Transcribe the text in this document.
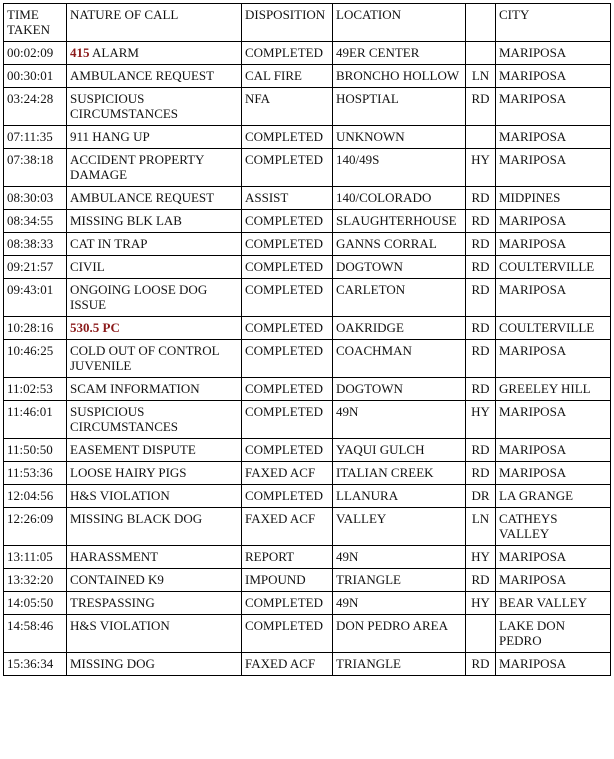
TIME TAKEN	NATURE OF CALL	DISPOSITION	LOCATION		CITY
00:02:09	415 ALARM	COMPLETED	49ER CENTER		MARIPOSA
00:30:01	AMBULANCE REQUEST	CAL FIRE	BRONCHO HOLLOW	LN	MARIPOSA
03:24:28	SUSPICIOUS CIRCUMSTANCES	NFA	HOSPTIAL	RD	MARIPOSA
07:11:35	911 HANG UP	COMPLETED	UNKNOWN		MARIPOSA
07:38:18	ACCIDENT PROPERTY DAMAGE	COMPLETED	140/49S	HY	MARIPOSA
08:30:03	AMBULANCE REQUEST	ASSIST	140/COLORADO	RD	MIDPINES
08:34:55	MISSING BLK LAB	COMPLETED	SLAUGHTERHOUSE	RD	MARIPOSA
08:38:33	CAT IN TRAP	COMPLETED	GANNS CORRAL	RD	MARIPOSA
09:21:57	CIVIL	COMPLETED	DOGTOWN	RD	COULTERVILLE
09:43:01	ONGOING LOOSE DOG ISSUE	COMPLETED	CARLETON	RD	MARIPOSA
10:28:16	530.5 PC	COMPLETED	OAKRIDGE	RD	COULTERVILLE
10:46:25	COLD OUT OF CONTROL JUVENILE	COMPLETED	COACHMAN	RD	MARIPOSA
11:02:53	SCAM INFORMATION	COMPLETED	DOGTOWN	RD	GREELEY HILL
11:46:01	SUSPICIOUS CIRCUMSTANCES	COMPLETED	49N	HY	MARIPOSA
11:50:50	EASEMENT DISPUTE	COMPLETED	YAQUI GULCH	RD	MARIPOSA
11:53:36	LOOSE HAIRY PIGS	FAXED ACF	ITALIAN CREEK	RD	MARIPOSA
12:04:56	H&S VIOLATION	COMPLETED	LLANURA	DR	LA GRANGE
12:26:09	MISSING BLACK DOG	FAXED ACF	VALLEY	LN	CATHEYS VALLEY
13:11:05	HARASSMENT	REPORT	49N	HY	MARIPOSA
13:32:20	CONTAINED K9	IMPOUND	TRIANGLE	RD	MARIPOSA
14:05:50	TRESPASSING	COMPLETED	49N	HY	BEAR VALLEY
14:58:46	H&S VIOLATION	COMPLETED	DON PEDRO AREA		LAKE DON PEDRO
15:36:34	MISSING DOG	FAXED ACF	TRIANGLE	RD	MARIPOSA
